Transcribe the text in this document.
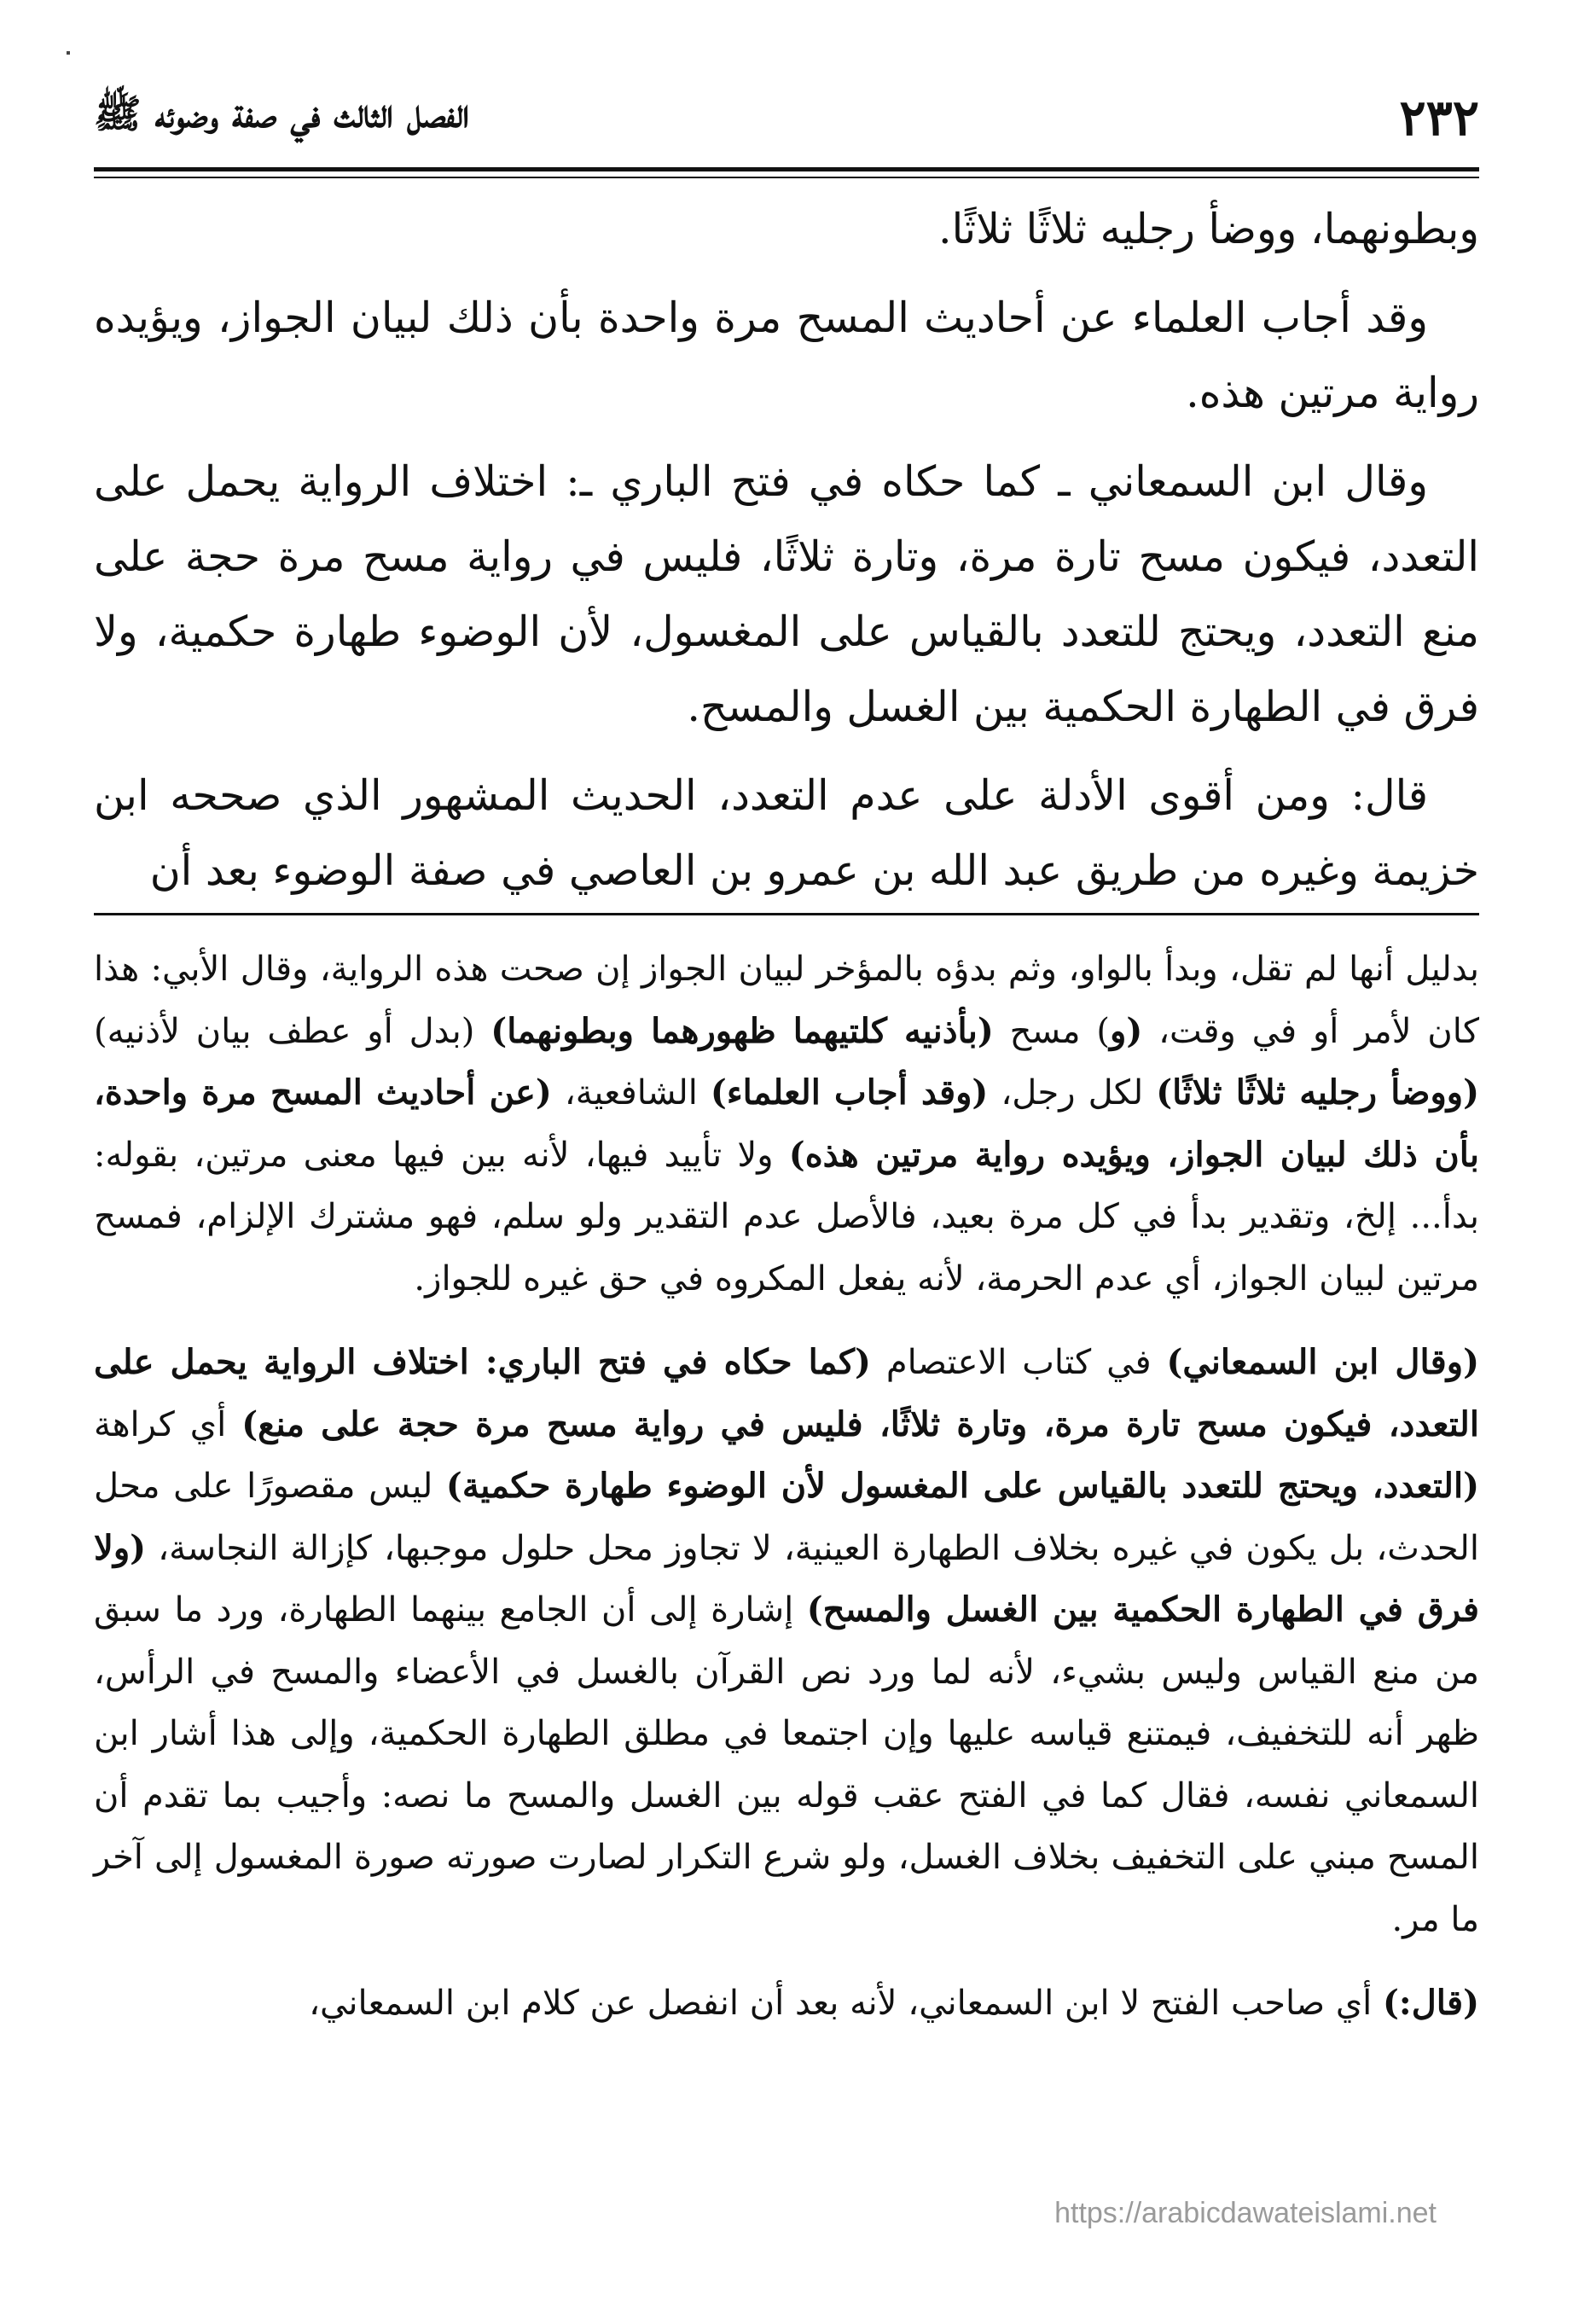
٢٣٢
الفصل الثالث في صفة وضوئه ﷺ

وبطونهما، ووضأ رجليه ثلاثًا ثلاثًا.

وقد أجاب العلماء عن أحاديث المسح مرة واحدة بأن ذلك لبيان الجواز، ويؤيده رواية مرتين هذه.

وقال ابن السمعاني ـ كما حكاه في فتح الباري ـ: اختلاف الرواية يحمل على التعدد، فيكون مسح تارة مرة، وتارة ثلاثًا، فليس في رواية مسح مرة حجة على منع التعدد، ويحتج للتعدد بالقياس على المغسول، لأن الوضوء طهارة حكمية، ولا فرق في الطهارة الحكمية بين الغسل والمسح.

قال: ومن أقوى الأدلة على عدم التعدد، الحديث المشهور الذي صححه ابن خزيمة وغيره من طريق عبد الله بن عمرو بن العاصي في صفة الوضوء بعد أن

بدليل أنها لم تقل، وبدأ بالواو، وثم بدؤه بالمؤخر لبيان الجواز إن صحت هذه الرواية، وقال الأبي: هذا كان لأمر أو في وقت، (و) مسح (بأذنيه كلتيهما ظهورهما وبطونهما) (بدل أو عطف بيان لأذنيه) (ووضأ رجليه ثلاثًا ثلاثًا) لكل رجل، (وقد أجاب العلماء) الشافعية، (عن أحاديث المسح مرة واحدة، بأن ذلك لبيان الجواز، ويؤيده رواية مرتين هذه) ولا تأييد فيها، لأنه بين فيها معنى مرتين، بقوله: بدأ... إلخ، وتقدير بدأ في كل مرة بعيد، فالأصل عدم التقدير ولو سلم، فهو مشترك الإلزام، فمسح مرتين لبيان الجواز، أي عدم الحرمة، لأنه يفعل المكروه في حق غيره للجواز.

(وقال ابن السمعاني) في كتاب الاعتصام (كما حكاه في فتح الباري: اختلاف الرواية يحمل على التعدد، فيكون مسح تارة مرة، وتارة ثلاثًا، فليس في رواية مسح مرة حجة على منع) أي كراهة (التعدد، ويحتج للتعدد بالقياس على المغسول لأن الوضوء طهارة حكمية) ليس مقصورًا على محل الحدث، بل يكون في غيره بخلاف الطهارة العينية، لا تجاوز محل حلول موجبها، كإزالة النجاسة، (ولا فرق في الطهارة الحكمية بين الغسل والمسح) إشارة إلى أن الجامع بينهما الطهارة، ورد ما سبق من منع القياس وليس بشيء، لأنه لما ورد نص القرآن بالغسل في الأعضاء والمسح في الرأس، ظهر أنه للتخفيف، فيمتنع قياسه عليها وإن اجتمعا في مطلق الطهارة الحكمية، وإلى هذا أشار ابن السمعاني نفسه، فقال كما في الفتح عقب قوله بين الغسل والمسح ما نصه: وأجيب بما تقدم أن المسح مبني على التخفيف بخلاف الغسل، ولو شرع التكرار لصارت صورته صورة المغسول إلى آخر ما مر.

(قال:) أي صاحب الفتح لا ابن السمعاني، لأنه بعد أن انفصل عن كلام ابن السمعاني،

https://arabicdawateislami.net
